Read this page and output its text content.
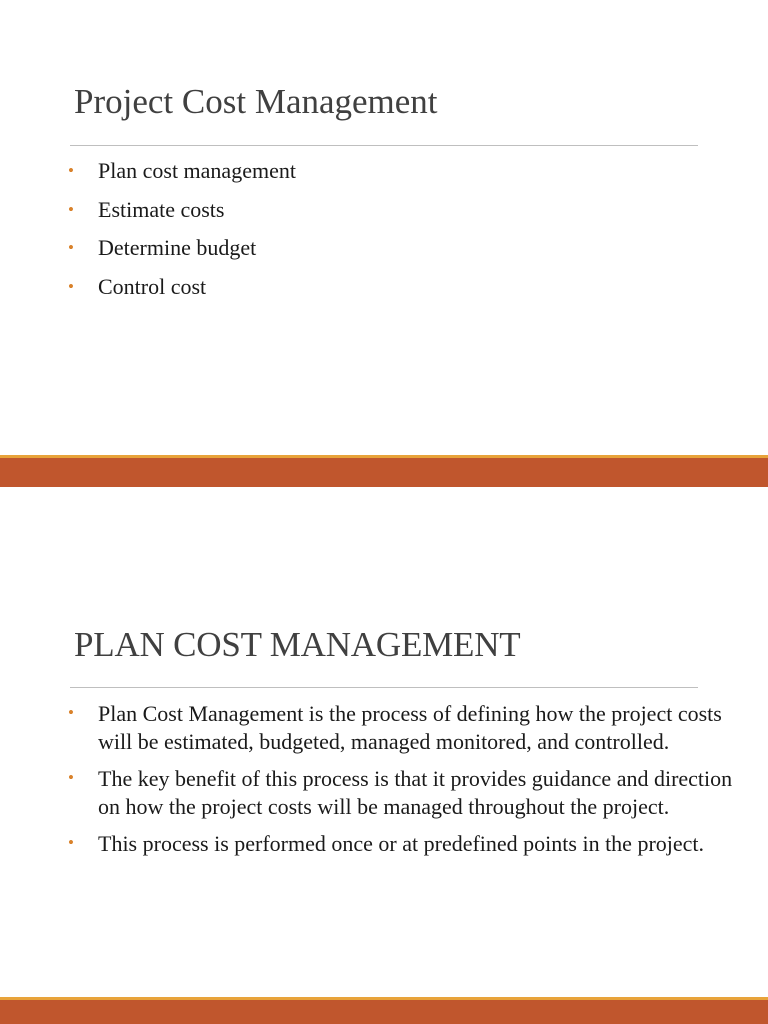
Project Cost Management
• Plan cost management
• Estimate costs
• Determine budget
• Control cost
PLAN COST MANAGEMENT
• Plan Cost Management is the process of defining how the project costs will be estimated, budgeted, managed monitored, and controlled.
• The key benefit of this process is that it provides guidance and direction on how the project costs will be managed throughout the project.
• This process is performed once or at predefined points in the project.
